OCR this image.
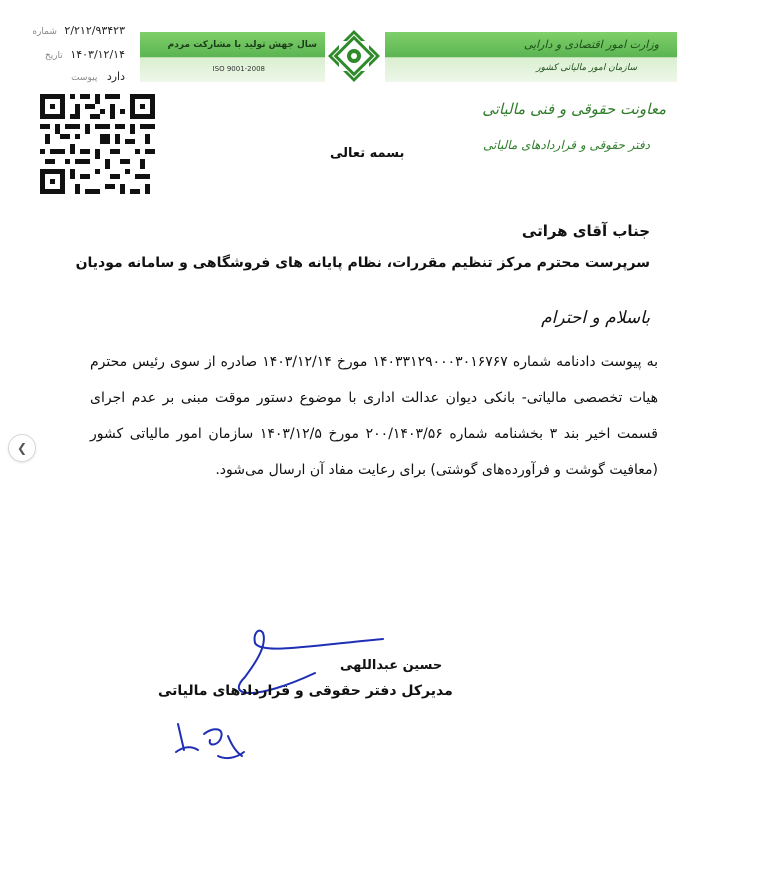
۲/۲۱۲/۹۳۴۲۳ شماره
۱۴۰۳/۱۲/۱۴ تاریخ
دارد پیوست
سال جهش تولید با مشارکت مردم
ISO 9001-2008
وزارت امور اقتصادی و دارایی
سازمان امور مالیاتی کشور
معاونت حقوقی و فنی مالیاتی
دفتر حقوقی و قراردادهای مالیاتی
بسمه تعالی
جناب آقای هراتی
سرپرست محترم مرکز تنظیم مقررات، نظام پایانه های فروشگاهی و سامانه مودیان
باسلام و احترام
به پیوست دادنامه شماره ۱۴۰۳۳۱۲۹۰۰۰۳۰۱۶۷۶۷ مورخ ۱۴۰۳/۱۲/۱۴ صادره از سوی رئیس محترم هیات تخصصی مالیاتی- بانکی دیوان عدالت اداری با موضوع دستور موقت مبنی بر عدم اجرای قسمت اخیر بند ۳ بخشنامه شماره ۲۰۰/۱۴۰۳/۵۶ مورخ ۱۴۰۳/۱۲/۵ سازمان امور مالیاتی کشور (معافیت گوشت و فرآورده‌های گوشتی) برای رعایت مفاد آن ارسال می‌شود.
حسین عبداللهی
مدیرکل دفتر حقوقی و قراردادهای مالیاتی
❮
